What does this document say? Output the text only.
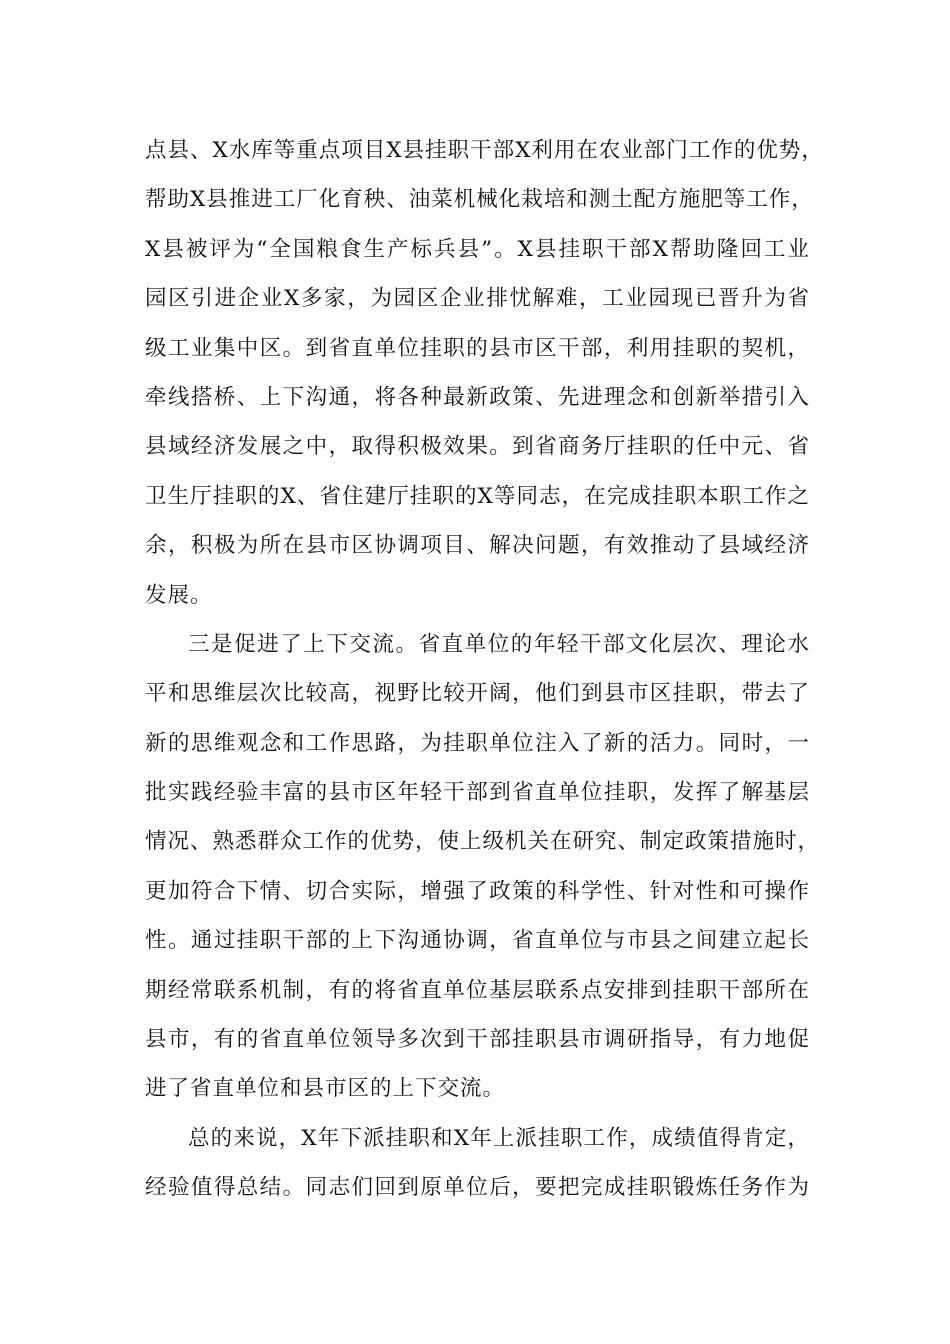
点县、X水库等重点项目X县挂职干部X利用在农业部门工作的优势，
帮助X县推进工厂化育秧、油菜机械化栽培和测土配方施肥等工作，
X县被评为“全国粮食生产标兵县”。X县挂职干部X帮助隆回工业
园区引进企业X多家，为园区企业排忧解难，工业园现已晋升为省
级工业集中区。到省直单位挂职的县市区干部，利用挂职的契机，
牵线搭桥、上下沟通，将各种最新政策、先进理念和创新举措引入
县域经济发展之中，取得积极效果。到省商务厅挂职的任中元、省
卫生厅挂职的X、省住建厅挂职的X等同志，在完成挂职本职工作之
余，积极为所在县市区协调项目、解决问题，有效推动了县域经济
发展。
三是促进了上下交流。省直单位的年轻干部文化层次、理论水
平和思维层次比较高，视野比较开阔，他们到县市区挂职，带去了
新的思维观念和工作思路，为挂职单位注入了新的活力。同时，一
批实践经验丰富的县市区年轻干部到省直单位挂职，发挥了解基层
情况、熟悉群众工作的优势，使上级机关在研究、制定政策措施时，
更加符合下情、切合实际，增强了政策的科学性、针对性和可操作
性。通过挂职干部的上下沟通协调，省直单位与市县之间建立起长
期经常联系机制，有的将省直单位基层联系点安排到挂职干部所在
县市，有的省直单位领导多次到干部挂职县市调研指导，有力地促
进了省直单位和县市区的上下交流。
总的来说，X年下派挂职和X年上派挂职工作，成绩值得肯定，
经验值得总结。同志们回到原单位后，要把完成挂职锻炼任务作为
